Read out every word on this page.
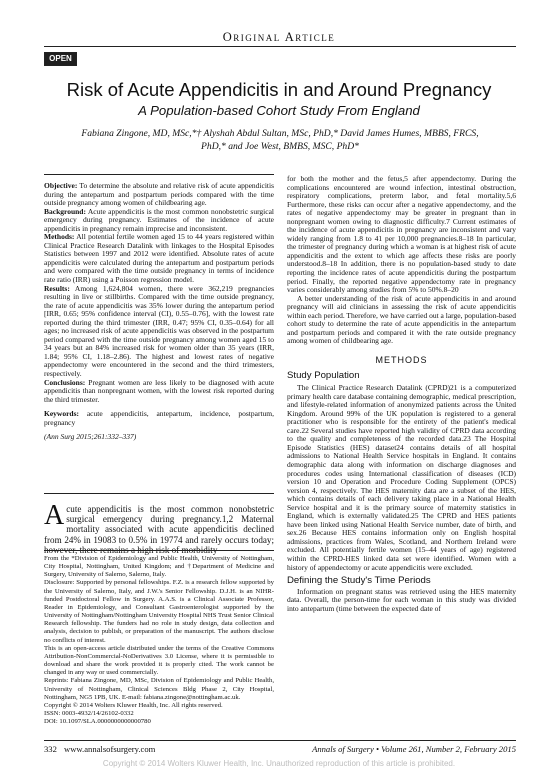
Original Article
OPEN
Risk of Acute Appendicitis in and Around Pregnancy
A Population-based Cohort Study From England
Fabiana Zingone, MD, MSc,*† Alyshah Abdul Sultan, MSc, PhD,* David James Humes, MBBS, FRCS, PhD,* and Joe West, BMBS, MSC, PhD*

Objective: To determine the absolute and relative risk of acute appendicitis during the antepartum and postpartum periods compared with the time outside pregnancy among women of childbearing age.

Background: Acute appendicitis is the most common nonobstetric surgical emergency during pregnancy. Estimates of the incidence of acute appendicitis in pregnancy remain imprecise and inconsistent.

Methods: All potential fertile women aged 15 to 44 years registered within Clinical Practice Research Datalink with linkages to the Hospital Episodes Statistics between 1997 and 2012 were identified. Absolute rates of acute appendicitis were calculated during the antepartum and postpartum periods and were compared with the time outside pregnancy in terms of incidence rate ratio (IRR) using a Poisson regression model.

Results: Among 1,624,804 women, there were 362,219 pregnancies resulting in live or stillbirths. Compared with the time outside pregnancy, the rate of acute appendicitis was 35% lower during the antepartum period [IRR, 0.65; 95% confidence interval (CI), 0.55–0.76], with the lowest rate reported during the third trimester (IRR, 0.47; 95% CI, 0.35–0.64) for all ages; no increased risk of acute appendicitis was observed in the postpartum period compared with the time outside pregnancy among women aged 15 to 34 years but an 84% increased risk for women older than 35 years (IRR, 1.84; 95% CI, 1.18–2.86). The highest and lowest rates of negative appendectomy were encountered in the second and the third trimesters, respectively.

Conclusions: Pregnant women are less likely to be diagnosed with acute appendicitis than nonpregnant women, with the lowest risk reported during the third trimester.

Keywords: acute appendicitis, antepartum, incidence, postpartum, pregnancy

(Ann Surg 2015;261:332–337)

Acute appendicitis is the most common nonobstetric surgical emergency during pregnancy.1,2 Maternal mortality associated with acute appendicitis declined from 24% in 19083 to 0.5% in 19774 and rarely occurs today; however, there remains a high risk of morbidity
From the *Division of Epidemiology and Public Health, University of Nottingham, City Hospital, Nottingham, United Kingdom; and †Department of Medicine and Surgery, University of Salerno, Salerno, Italy.
Disclosure: Supported by personal fellowships. F.Z. is a research fellow supported by the University of Salerno, Italy, and J.W.'s Senior Fellowship. D.J.H. is an NIHR-funded Postdoctoral Fellow in Surgery. A.A.S. is a Clinical Associate Professor, Reader in Epidemiology, and Consultant Gastroenterologist supported by the University of Nottingham/Nottingham University Hospital NHS Trust Senior Clinical Research fellowship. The funders had no role in study design, data collection and analysis, decision to publish, or preparation of the manuscript. The authors disclose no conflicts of interest.
This is an open-access article distributed under the terms of the Creative Commons Attribution-NonCommercial-NoDerivatives 3.0 License, where it is permissible to download and share the work provided it is properly cited. The work cannot be changed in any way or used commercially.
Reprints: Fabiana Zingone, MD, MSc, Division of Epidemiology and Public Health, University of Nottingham, Clinical Sciences Bldg Phase 2, City Hospital, Nottingham, NG5 1PB, UK. E-mail: fabiana.zingone@nottingham.ac.uk.
Copyright © 2014 Wolters Kluwer Health, Inc. All rights reserved.
ISSN: 0003-4932/14/26102-0332
DOI: 10.1097/SLA.0000000000000780

for both the mother and the fetus,5 after appendectomy. During the complications encountered are wound infection, intestinal obstruction, respiratory complications, preterm labor, and fetal mortality.5,6 Furthermore, these risks can occur after a negative appendectomy, and the rates of negative appendectomy may be greater in pregnant than in nonpregnant women owing to diagnostic difficulty.7 Current estimates of the incidence of acute appendicitis in pregnancy are inconsistent and vary widely ranging from 1.8 to 41 per 10,000 pregnancies.8–18 In particular, the trimester of pregnancy during which a woman is at highest risk of acute appendicitis and the extent to which age affects these risks are poorly understood.8–18 In addition, there is no population-based study to date reporting the incidence rates of acute appendicitis during the postpartum period. Finally, the reported negative appendectomy rate in pregnancy varies considerably among studies from 5% to 50%.8–20

A better understanding of the risk of acute appendicitis in and around pregnancy will aid clinicians in assessing the risk of acute appendicitis within each period. Therefore, we have carried out a large, population-based cohort study to determine the rate of acute appendicitis in the antepartum and postpartum periods and compared it with the rate outside pregnancy among women of childbearing age.

METHODS
Study Population

The Clinical Practice Research Datalink (CPRD)21 is a computerized primary health care database containing demographic, medical prescription, and lifestyle-related information of anonymized patients across the United Kingdom. Around 99% of the UK population is registered to a general practitioner who is responsible for the entirety of the patient's medical care.22 Several studies have reported high validity of CPRD data according to the quality and completeness of the recorded data.23 The Hospital Episode Statistics (HES) dataset24 contains details of all hospital admissions to National Health Service hospitals in England. It contains demographic data along with information on discharge diagnoses and procedures codes using International classification of diseases (ICD) version 10 and Operation and Procedure Coding Supplement (OPCS) version 4, respectively. The HES maternity data are a subset of the HES, which contains details of each delivery taking place in a National Health Service hospital and it is the primary source of maternity statistics in England, which is externally validated.25 The CPRD and HES patients have been linked using National Health Service number, date of birth, and sex.26 Because HES contains information only on English hospital admissions, practices from Wales, Scotland, and Northern Ireland were excluded. All potentially fertile women (15–44 years of age) registered within the CPRD-HES linked data set were identified. Women with a history of appendectomy or acute appendicitis were excluded.

Defining the Study's Time Periods

Information on pregnant status was retrieved using the HES maternity data. Overall, the person-time for each woman in this study was divided into antepartum (time between the expected date of

332 www.annalsofsurgery.com	Annals of Surgery • Volume 261, Number 2, February 2015
Copyright © 2014 Wolters Kluwer Health, Inc. Unauthorized reproduction of this article is prohibited.
